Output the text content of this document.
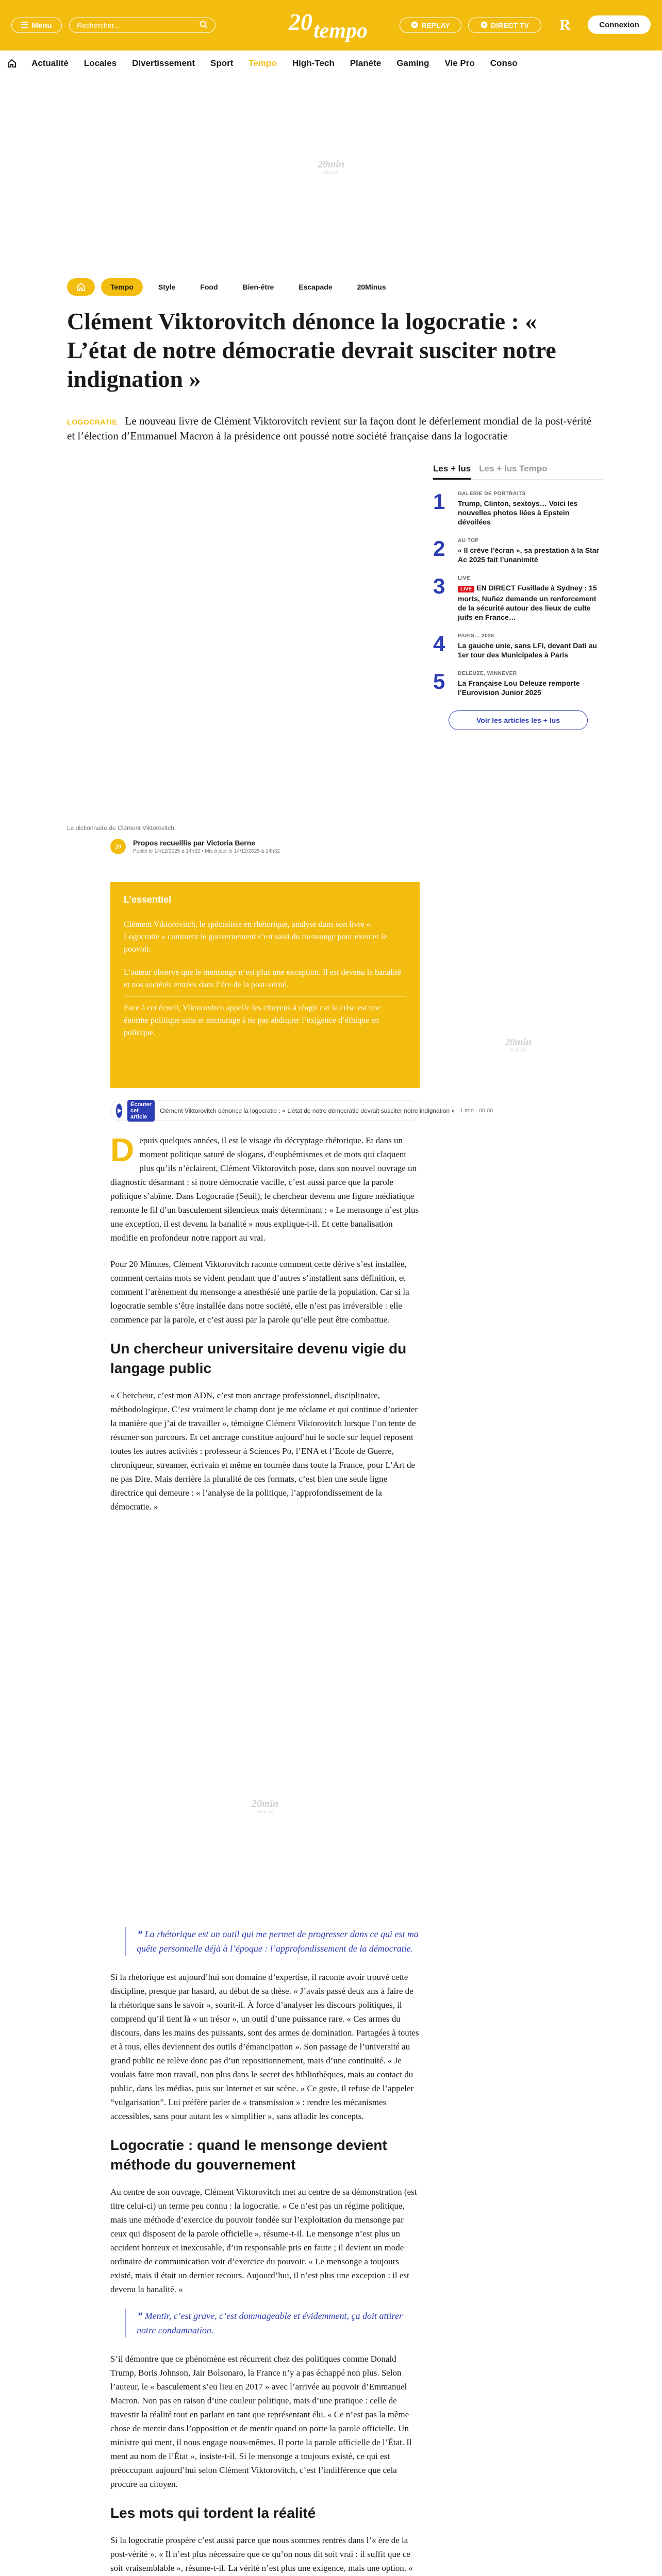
Menu	Rechercher...	20 tempo	REPLAY	DIRECT TV R	Connexion
Actualité	Locales	Divertissement	Sport	Tempo	High-Tech	Planète	Gaming	Vie Pro	Conso
20min
Publicité
Tempo	Style	Food	Bien-être	Escapade	20Minus
Clément Viktorovitch dénonce la logocratie : « L’état de notre démocratie devrait susciter notre indignation »
LOGOCRATIE Le nouveau livre de Clément Viktorovitch revient sur la façon dont le déferlement mondial de la post-vérité et l’élection d’Emmanuel Macron à la présidence ont poussé notre société française dans la logocratie
Les + lus Les + lus Tempo
1	GALERIE DE PORTRAITS
Trump, Clinton, sextoys… Voici les nouvelles photos liées à Epstein dévoilées
2	AU TOP
« Il crève l’écran », sa prestation à la Star Ac 2025 fait l’unanimité
3	LIVE
LIVE EN DIRECT Fusillade à Sydney : 15 morts, Nuñez demande un renforcement de la sécurité autour des lieux de culte juifs en France…
4	PARIS… 2026
La gauche unie, sans LFI, devant Dati au 1er tour des Municipales à Paris
5	DELEUZE, WINNEVER
La Française Lou Deleuze remporte l’Eurovision Junior 2025
Voir les articles les + lus
20min
Publicité
Le dictionnaire de Clément Viktorovitch
20	Propos recueillis par Victoria Berne
Publié le 14/12/2025 à 14h32 • Mis à jour le 14/12/2025 à 14h32
L’essentiel
Clément Viktorovitch, le spécialiste en rhétorique, analyse dans son livre « Logocratie » comment le gouvernement s’est saisi du mensonge pour exercer le pouvoir.
L’auteur observe que le mensonge n’est plus une exception. Il est devenu la banalité et nos sociétés entrées dans l’ère de la post-vérité.
Face à cet écueil, Viktorovitch appelle les citoyens à réagir car la crise est une énorme politique sans et encourage à ne pas abdiquer l’exigence d’éthique en politique.
Écouter cet article
Clément Viktorovitch dénonce la logocratie : « L’état de notre démocratie devrait susciter notre indignation » 1 min · 00:00

Depuis quelques années, il est le visage du décryptage rhétorique. Et dans un moment politique saturé de slogans, d’euphémismes et de mots qui claquent plus qu’ils n’éclairent, Clément Viktorovitch pose, dans son nouvel ouvrage un diagnostic désarmant : si notre démocratie vacille, c’est aussi parce que la parole politique s’abîme. Dans Logocratie (Seuil), le chercheur devenu une figure médiatique remonte le fil d’un basculement silencieux mais déterminant : « Le mensonge n’est plus une exception, il est devenu la banalité » nous explique-t-il. Et cette banalisation modifie en profondeur notre rapport au vrai.

Pour 20 Minutes, Clément Viktorovitch raconte comment cette dérive s’est installée, comment certains mots se vident pendant que d’autres s’installent sans définition, et comment l’arènement du mensonge a anesthésié une partie de la population. Car si la logocratie semble s’être installée dans notre société, elle n’est pas irréversible : elle commence par la parole, et c’est aussi par la parole qu’elle peut être combattue.

Un chercheur universitaire devenu vigie du langage public

« Chercheur, c’est mon ADN, c’est mon ancrage professionnel, disciplinaire, méthodologique. C’est vraiment le champ dont je me réclame et qui continue d’orienter la manière que j’ai de travailler », témoigne Clément Viktorovitch lorsque l’on tente de résumer son parcours. Et cet ancrage constitue aujourd’hui le socle sur lequel reposent toutes les autres activités : professeur à Sciences Po, l’ENA et l’Ecole de Guerre, chroniqueur, streamer, écrivain et même en tournée dans toute la France, pour L’Art de ne pas Dire. Mais derrière la pluralité de ces formats, c’est bien une seule ligne directrice qui demeure : « l’analyse de la politique, l’approfondissement de la démocratie. »

20min
Publicité
❝ La rhétorique est un outil qui me permet de progresser dans ce qui est ma quête personnelle déjà à l’époque : l’approfondissement de la démocratie.

Si la rhétorique est aujourd’hui son domaine d’expertise, il raconte avoir trouvé cette discipline, presque par hasard, au début de sa thèse. « J’avais passé deux ans à faire de la rhétorique sans le savoir », sourit-il. À force d’analyser les discours politiques, il comprend qu’il tient là « un trésor », un outil d’une puissance rare. « Ces armes du discours, dans les mains des puissants, sont des armes de domination. Partagées à toutes et à tous, elles deviennent des outils d’émancipation ». Son passage de l’université au grand public ne relève donc pas d’un repositionnement, mais d’une continuité. « Je voulais faire mon travail, non plus dans le secret des bibliothèques, mais au contact du public, dans les médias, puis sur Internet et sur scène. » Ce geste, il refuse de l’appeler “vulgarisation”. Lui préfère parler de « transmission » : rendre les mécanismes accessibles, sans pour autant les « simplifier », sans affadir les concepts.

Logocratie : quand le mensonge devient méthode du gouvernement

Au centre de son ouvrage, Clément Viktorovitch met au centre de sa démonstration (est titre celui-ci) un terme peu connu : la logocratie. « Ce n’est pas un régime politique, mais une méthode d’exercice du pouvoir fondée sur l’exploitation du mensonge par ceux qui disposent de la parole officielle », résume-t-il. Le mensonge n’est plus un accident honteux et inexcusable, d’un responsable pris en faute ; il devient un mode ordinaire de communication voir d’exercice du pouvoir. « Le mensonge a toujours existé, mais il était un dernier recours. Aujourd’hui, il n’est plus une exception : il est devenu la banalité. »

❝ Mentir, c’est grave, c’est dommageable et évidemment, ça doit attirer notre condamnation.

S’il démontre que ce phénomène est récurrent chez des politiques comme Donald Trump, Boris Johnson, Jair Bolsonaro, la France n’y a pas échappé non plus. Selon l’auteur, le « basculement s’eu lieu en 2017 » avec l’arrivée au pouvoir d’Emmanuel Macron. Non pas en raison d’une couleur politique, mais d’une pratique : celle de travestir la réalité tout en parlant en tant que représentant élu. « Ce n’est pas la même chose de mentir dans l’opposition et de mentir quand on porte la parole officielle. Un ministre qui ment, il nous engage nous-mêmes. Il porte la parole officielle de l’État. Il ment au nom de l’État », insiste-t-il. Si le mensonge a toujours existé, ce qui est préoccupant aujourd’hui selon Clément Viktorovitch, c’est l’indifférence que cela procure au citoyen.

Les mots qui tordent la réalité

Si la logocratie prospère c’est aussi parce que nous sommes rentrés dans l’« ère de la post-vérité ». « Il n’est plus nécessaire que ce qu’on nous dit soit vrai : il suffit que ce soit vraisemblable », résume-t-il. La vérité n’est plus une exigence, mais une option. «
